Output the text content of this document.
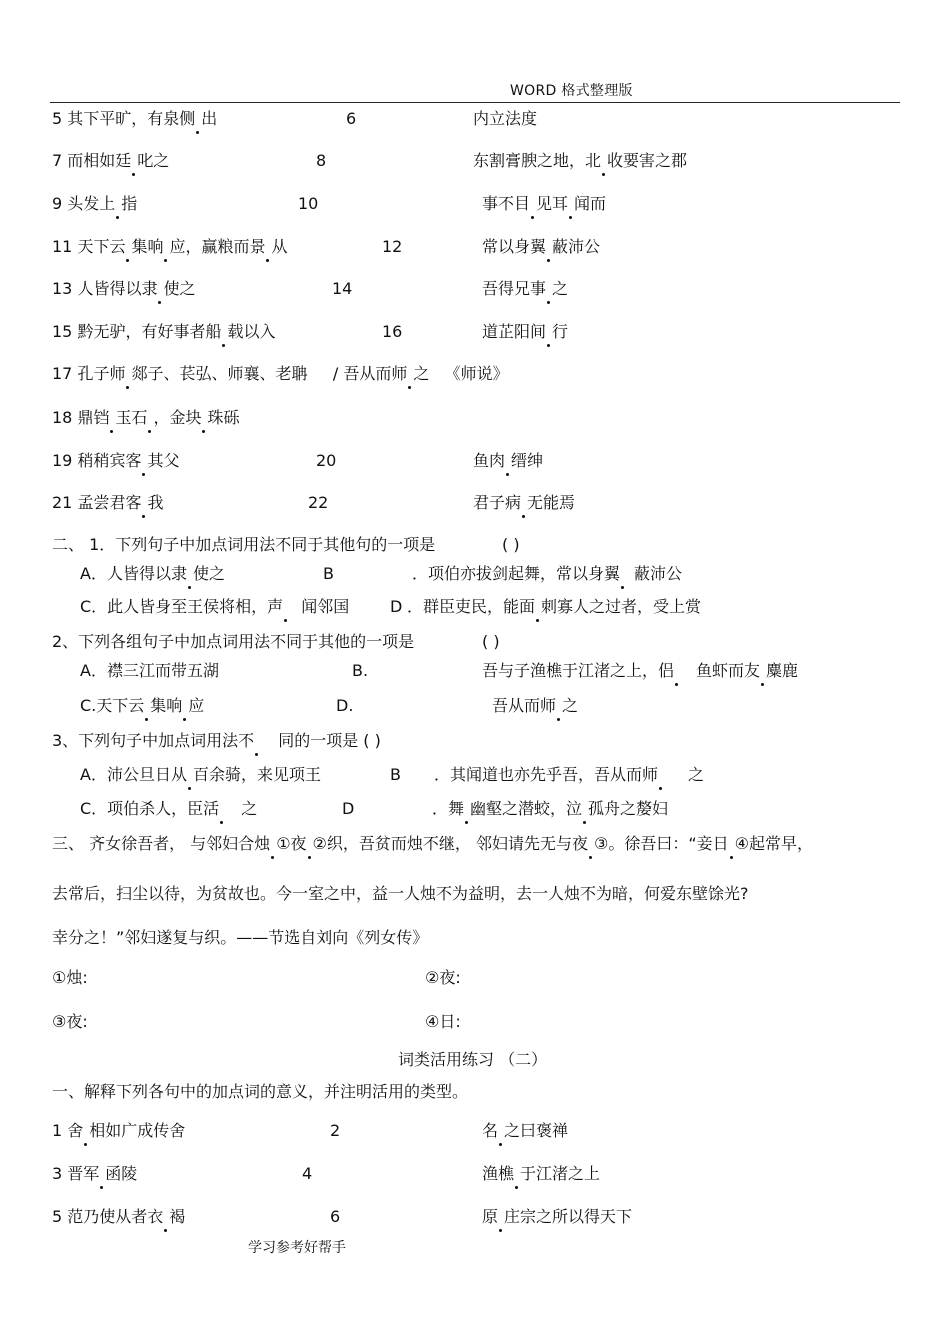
WORD 格式整理版
5 其下平旷，有泉侧 出	6	内立法度
7 而相如廷 叱之	8	东割膏腴之地，北 收要害之郡
9 头发上 指	10	事不目 见耳 闻而
11 天下云 集响 应，赢粮而景 从	12	常以身翼 蔽沛公
13 人皆得以隶 使之	14	吾得兄事 之
15 黔无驴，有好事者船 载以入	16	道芷阳间 行
17 孔子师 郯子、苌弘、师襄、老聃 / 吾从而师 之 《师说》
18 鼎铛 玉石 ，金块 珠砾
19 稍稍宾客 其父	20	鱼肉 缙绅
21 孟尝君客 我	22	君子病 无能焉
二、 1．下列句子中加点词用法不同于其他句的一项是	( )
A．人皆得以隶 使之	B	．项伯亦拔剑起舞，常以身翼 蔽沛公
C．此人皆身至王侯将相，声 闻邻国	D ．群臣吏民，能面 刺寡人之过者，受上赏
2、下列各组句子中加点词用法不同于其他的一项是	( )
A．襟三江而带五湖	B.	吾与子渔樵于江渚之上，侣 鱼虾而友 麋鹿
C.天下云 集响 应	D.	吾从而师 之
3、下列句子中加点词用法不 同的一项是 ( )
A．沛公旦日从 百余骑，来见项王	B ．其闻道也亦先乎吾，吾从而师 之
C．项伯杀人，臣活 之	D	．舞 幽壑之潜蛟，泣 孤舟之嫠妇
三、 齐女徐吾者， 与邻妇合烛 ①夜 ②织，吾贫而烛不继， 邻妇请先无与夜 ③。徐吾曰：“妾日 ④起常早，
去常后，扫尘以待，为贫故也。今一室之中，益一人烛不为益明，去一人烛不为暗，何爱东壁馀光?
幸分之！”邻妇遂复与织。——节选自刘向《列女传》
①烛:	②夜:
③夜:	④日:
词类活用练习 （二）
一、解释下列各句中的加点词的意义，并注明活用的类型。
1 舍 相如广成传舍	2	名 之曰褒禅
3 晋军 函陵	4	渔樵 于江渚之上
5 范乃使从者衣 褐	6	原 庄宗之所以得天下
学习参考好帮手
